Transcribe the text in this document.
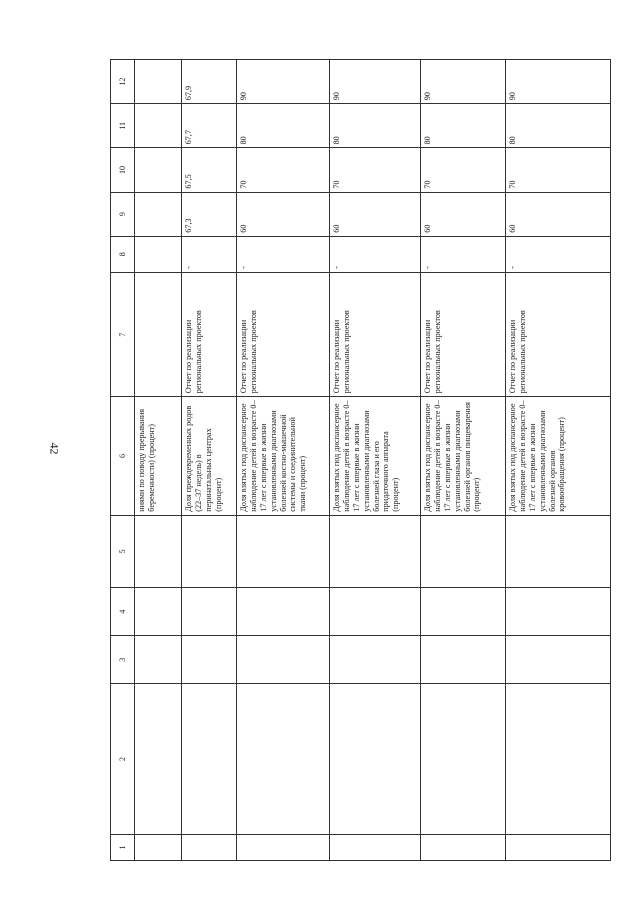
42
1	2	3	4	5	6	7	8	9	10	11	12	
					ниями по поводу прерывания беременности) (процент)							
					Доля преждевременных родов (22–37 недель) в перинатальных центрах (процент)	Отчет по реализации региональных проектов	-	67,3	67,5	67,7	67,9	
					Доля взятых под диспансерное наблюдение детей в возрасте 0–17 лет с впервые в жизни установленными диагнозами болезней костно-мышечной системы и соединительной ткани (процент)	Отчет по реализации региональных проектов	-	60	70	80	90	
					Доля взятых под диспансерное наблюдение детей в возрасте 0–17 лет с впервые в жизни установленными диагнозами болезней глаза и его придаточного аппарата (процент)	Отчет по реализации региональных проектов	-	60	70	80	90	
					Доля взятых под диспансерное наблюдение детей в возрасте 0–17 лет с впервые в жизни установленными диагнозами болезней органов пищеварения (процент)	Отчет по реализации региональных проектов	-	60	70	80	90	
					Доля взятых под диспансерное наблюдение детей в возрасте 0–17 лет с впервые в жизни установленными диагнозами болезней органов кровообращения (процент)	Отчет по реализации региональных проектов	-	60	70	80	90	
